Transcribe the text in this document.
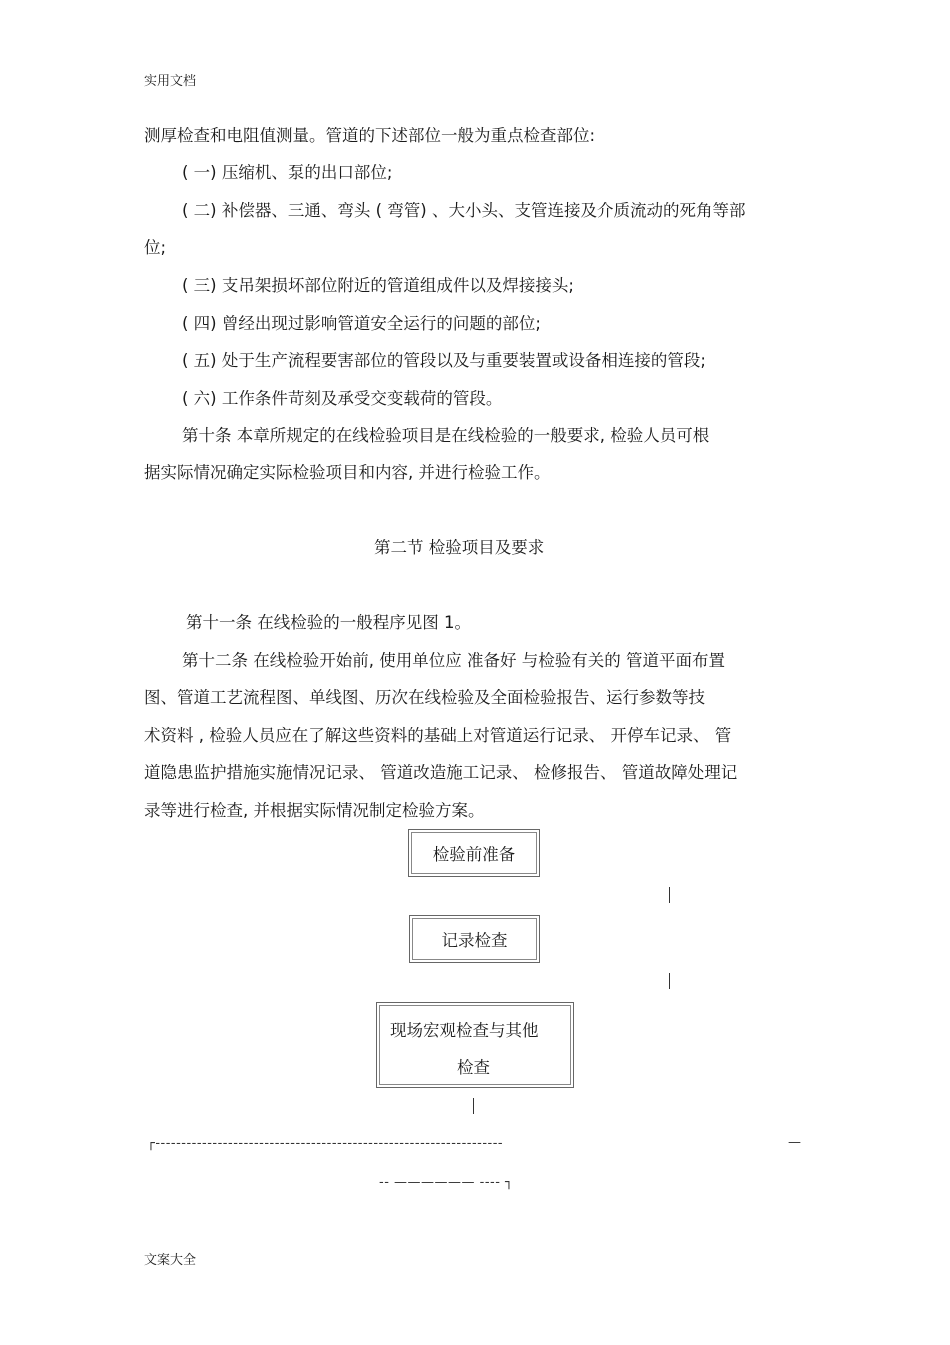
实用文档
测厚检查和电阻值测量。管道的下述部位一般为重点检查部位:
( 一) 压缩机、泵的出口部位;
( 二) 补偿器、三通、弯头 ( 弯管) 、大小头、支管连接及介质流动的死角等部
位;
( 三) 支吊架损坏部位附近的管道组成件以及焊接接头;
( 四) 曾经出现过影响管道安全运行的问题的部位;
( 五) 处于生产流程要害部位的管段以及与重要装置或设备相连接的管段;
( 六) 工作条件苛刻及承受交变载荷的管段。
第十条 本章所规定的在线检验项目是在线检验的一般要求, 检验人员可根
据实际情况确定实际检验项目和内容, 并进行检验工作。
第二节 检验项目及要求
第十一条 在线检验的一般程序见图 1。
第十二条 在线检验开始前, 使用单位应 准备好 与检验有关的 管道平面布置
图、管道工艺流程图、单线图、历次在线检验及全面检验报告、运行参数等技
术资料 , 检验人员应在了解这些资料的基础上对管道运行记录、 开停车记录、 管
道隐患监护措施实施情况记录、 管道改造施工记录、 检修报告、 管道故障处理记
录等进行检查, 并根据实际情况制定检验方案。
检验前准备
记录检查
现场宏观检查与其他
检查
┌-------------------------------------------------------------------	—
-- —————— ---- ┐
文案大全
